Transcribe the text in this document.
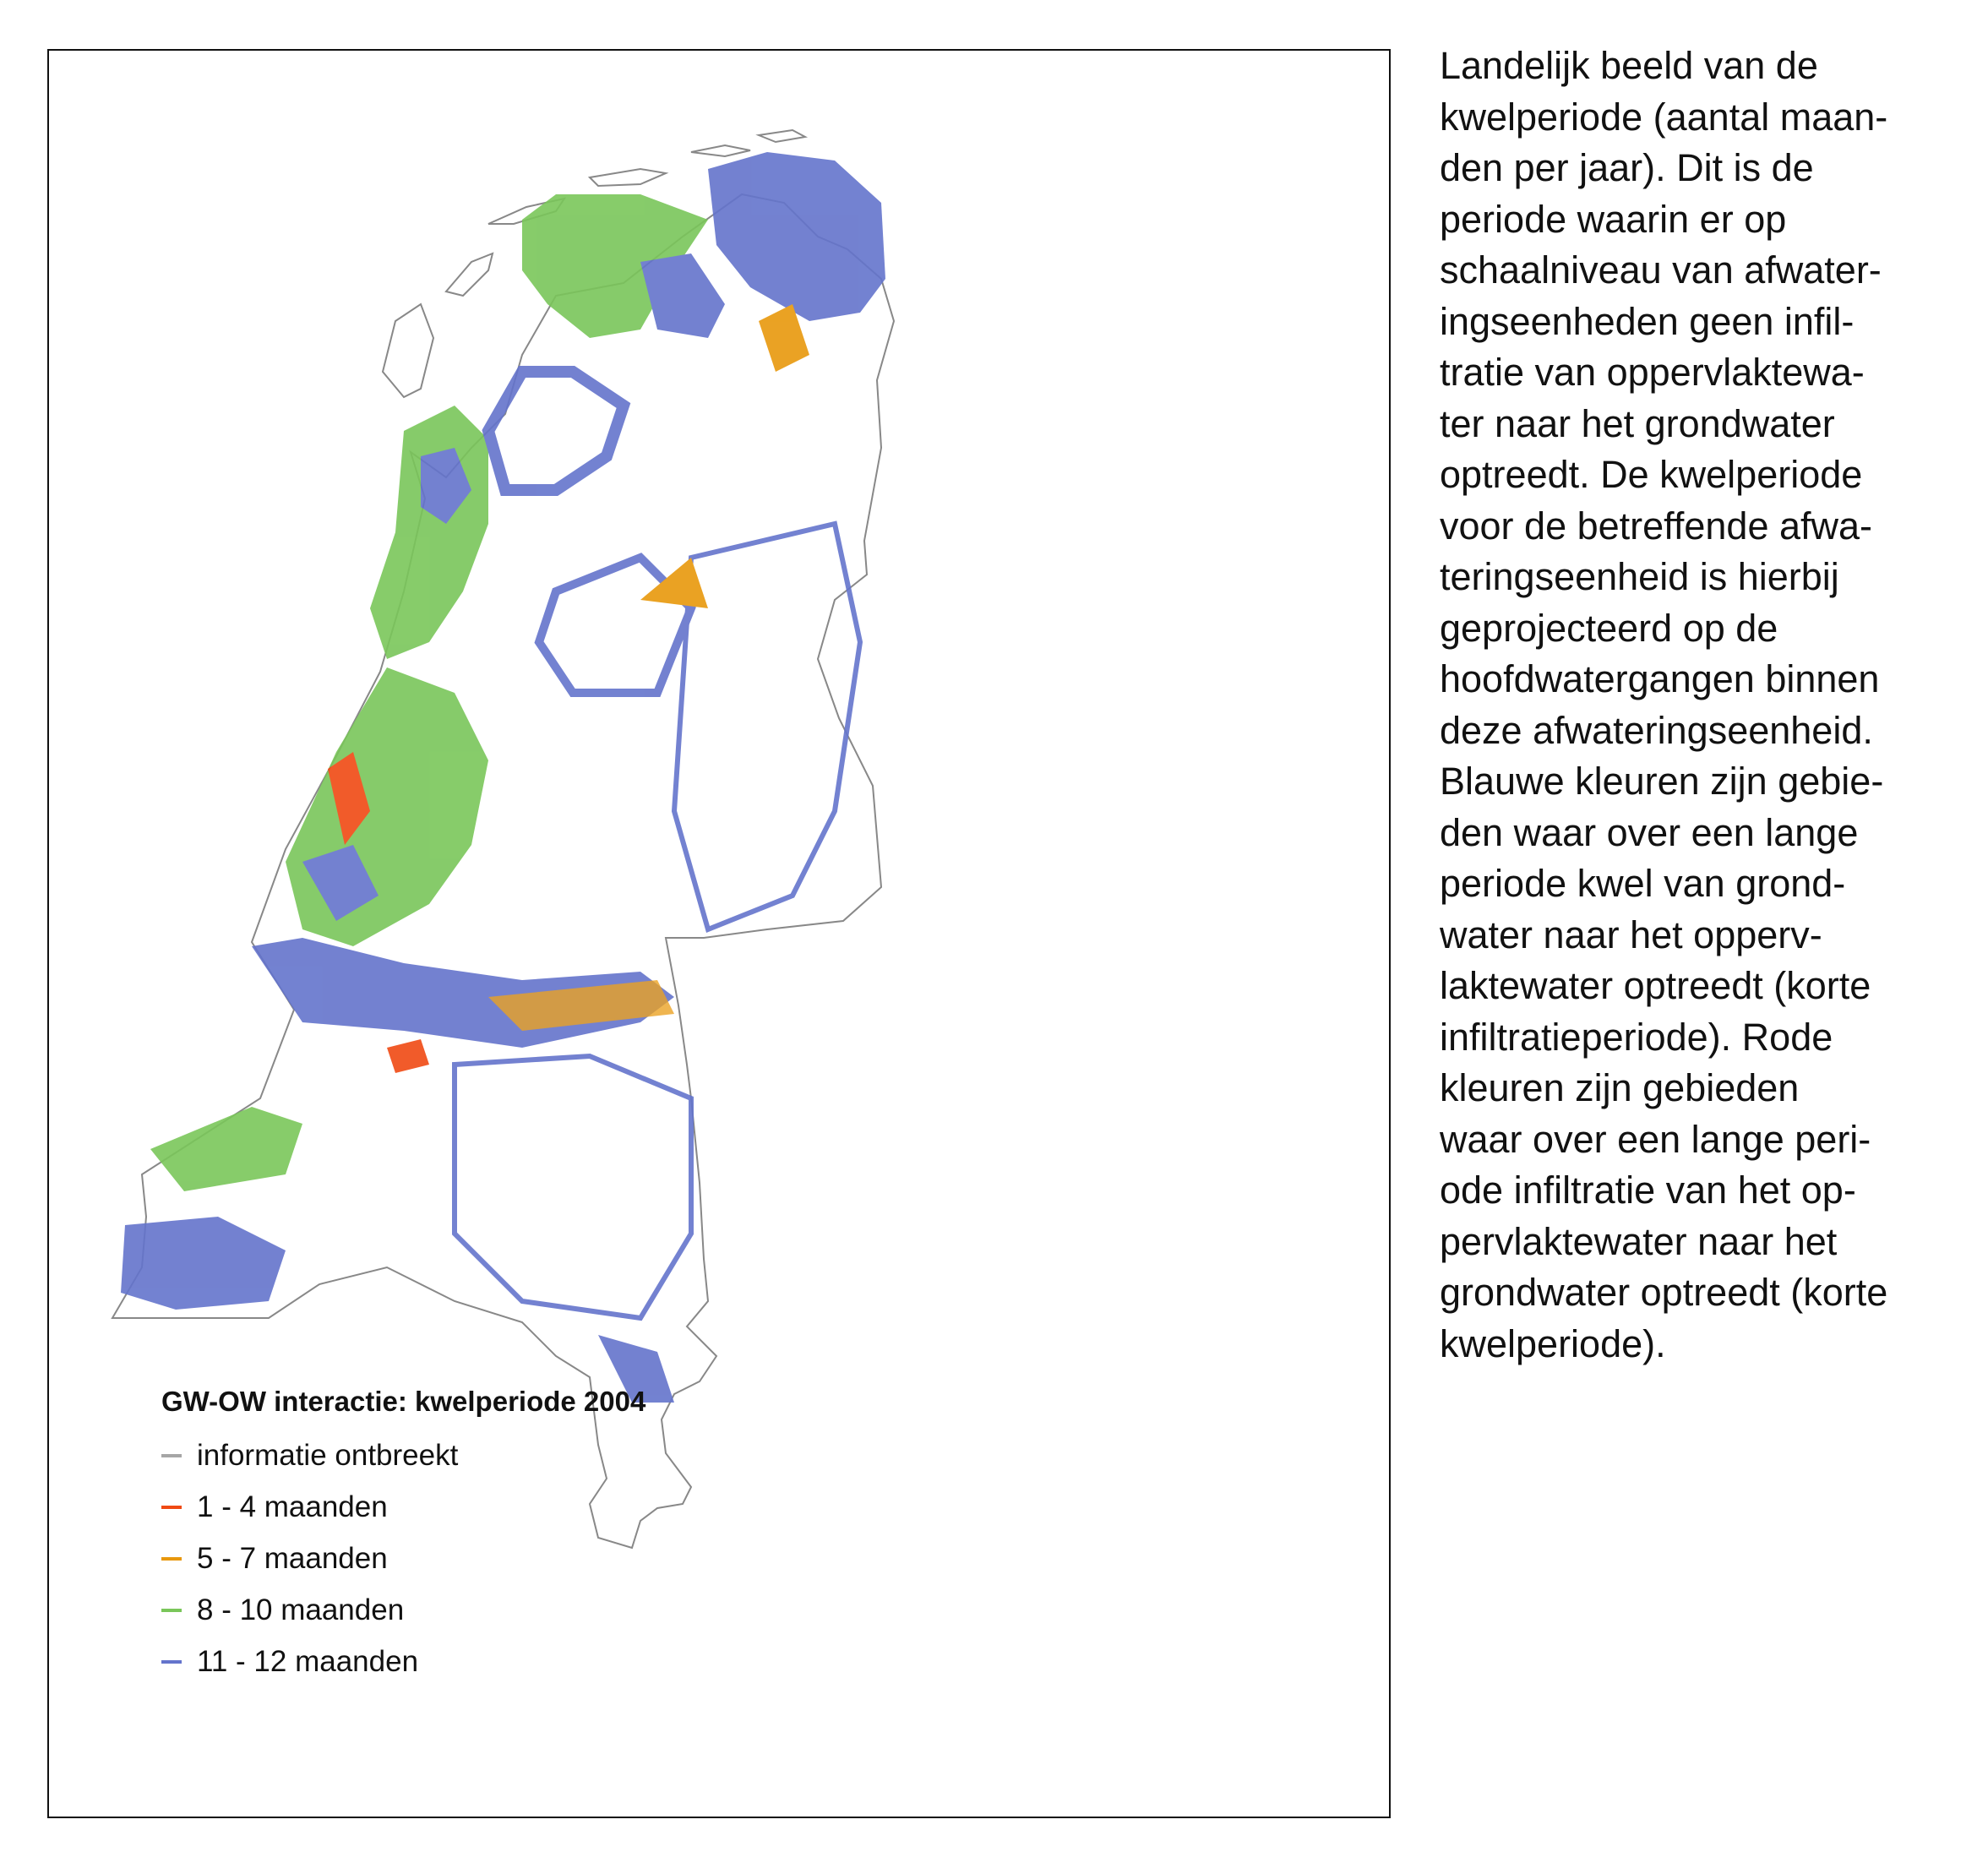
GW-OW interactie: kwelperiode 2004
informatie ontbreekt
1 - 4 maanden
5 - 7 maanden
8 - 10 maanden
11 - 12 maanden

Landelijk beeld van de
kwelperiode (aantal maan-
den per jaar). Dit is de
periode waarin er op
schaalniveau van afwater-
ingseenheden geen infil-
tratie van oppervlaktewa-
ter naar het grondwater
optreedt. De kwelperiode
voor de betreffende afwa-
teringseenheid is hierbij
geprojecteerd op de
hoofdwatergangen binnen
deze afwateringseenheid.
Blauwe kleuren zijn gebie-
den waar over een lange
periode kwel van grond-
water naar het opperv-
laktewater optreedt (korte
infiltratieperiode). Rode
kleuren zijn gebieden
waar over een lange peri-
ode infiltratie van het op-
pervlaktewater naar het
grondwater optreedt (korte
kwelperiode).
